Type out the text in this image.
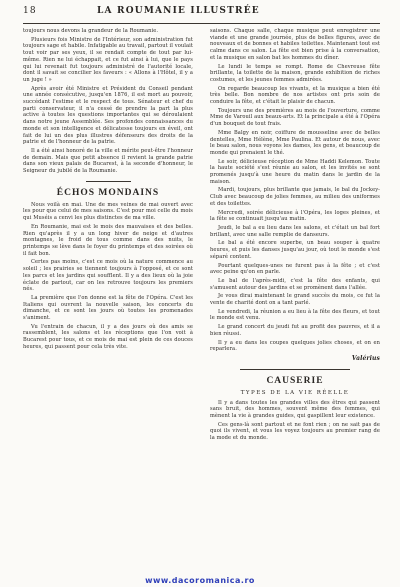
18	LA ROUMANIE ILLUSTRÉE

toujours nous devons la grandeur de la Roumanie.

Plusieurs fois Ministre de l'Intérieur, son administration fut toujours sage et habile. Infatigable au travail, partout il voulait tout voir par ses yeux, il se rendait compte de tout par lui-même. Rien ne lui échappait, et ce fut ainsi à lui, que le pays qui lui revenait fut toujours administré de l'autorité locale, dont il savait se concilier les faveurs : « Allons à l'Hôtel, il y a un juge ! »

Après avoir été Ministre et Président du Conseil pendant une année consécutive, jusqu'en 1876, il est mort au pouvoir, succédant l'estime et le respect de tous. Sénateur et chef du parti conservateur, il n'a cessé de prendre la part la plus active à toutes les questions importantes qui se déroulaient dans notre jeune Assemblée. Ses profondes connaissances du monde et son intelligence et délicatesse toujours en éveil, ont fait de lui un des plus illustres défenseurs des droits de la patrie et de l'honneur de la patrie.

Il a été ainsi honoré de la ville et mérite peut-être l'honneur de demain. Mais que petit absence il revient la grande patrie dans son vieux palais de Bucarest, à la seconde d'honneur, le Seigneur du jubilé de la Roumanie.

ÉCHOS MONDAINS

Nous voilà en mai. Une de mes veines de mai ouvert avec les pour que celui de mes saisons. C'est pour moi celle du mois qui Muséis a cenvi les plus distinctes de ma ville.

En Roumanie, mai est le mois des mauvaises et des belles. Rien qu'après il y a un long hiver de neige et d'autres montagnes, le froid de tous comme dans des nuits, le printemps se lève dans le foyer du printemps et des soirées où il fait bon.

Certes pas moins, c'est ce mois où la nature commence au soleil ; les prairies se tiennent toujours à l'opposé, et ce sont les parcs et les jardins qui soufflent. Il y a des lieux où la joie éclate de partout, car on les retrouve toujours les premiers nés.

La première que l'on donne est la fête de l'Opéra. C'est les Italiens qui ouvrent la nouvelle saison, les concerts du dimanche, et ce sont les jours où toutes les promenades s'animent.

Vu l'entrain de chacun, il y a des jours où des amis se rassemblent, les salons et les réceptions que l'on voit à Bucarest pour tous, et ce mois de mai est plein de ces douces heures, qui passent pour cela très vite.

saisons. Chaque salle, chaque musique peut enregistrer une viande et une grande journée, plus de belles figures, avec de nouveaux et de bonnes et habiles toilettes. Maintenant tout est calme dans ce salon. La fête est bien prise à la conversation, et la musique en salon bat les hommes du dîner.

Le lundi le temps se rompt. Rome de Chevreuse fête brillante, la toilette de la maison, grande exhibition de riches costumes, et les jeunes femmes admirées.

On regarde beaucoup les vivants, et la musique a bien été très belle. Bon nombre de nos artistes ont pris soin de conduire la fête, et c'était le plaisir de chacun.

Toujours une des premières au mois de l'ouverture, comme Mme de Varouil aux beaux-arts. Et la principale a été à l'Opéra d'un bouquet de tout frais.

Mme Balgy en noir, coiffure de mousseline avec de belles dentelles, Mme Hélène, Mme Paulina. Et autour de nous, avec le beau salon, nous voyons les dames, les gens, et beaucoup de monde qui prenaient le thé.

Le soir, délicieuse réception de Mme Haddi Kelemon. Toute la haute société s'est réunie au salon, et les invités se sont promenés jusqu'à une heure du matin dans le jardin de la maison.

Mardi, toujours, plus brillante que jamais, le bal du Jockey-Club avec beaucoup de jolies femmes, au milieu des uniformes et des toilettes.

Mercredi, soirée délicieuse à l'Opéra, les loges pleines, et la fête se continuait jusqu'au matin.

Jeudi, le bal a eu lieu dans les salons, et c'était un bal fort brillant, avec une salle remplie de danseurs.

Le bal a été encore superbe, un beau souper à quatre heures, et puis les danses jusqu'au jour, où tout le monde s'est séparé content.

Pourtant quelques-unes ne furent pas à la fête ; et c'est avec peine qu'on en parle.

Le bal de l'après-midi, c'est la fête des enfants, qui s'amusent autour des jardins et se promènent dans l'allée.

Je vous dirai maintenant le grand succès du mois, ce fut la vente de charité dont on a tant parlé.

Le vendredi, la réunion a eu lieu à la fête des fleurs, et tout le monde est venu.

Le grand concert du jeudi fut au profit des pauvres, et il a bien réussi.

Il y a eu dans les coupes quelques jolies choses, et on en reparlera.

Valérius

CAUSERIE
TYPES DE LA VIE RÉELLE

Il y a dans toutes les grandes villes des êtres qui passent sans bruit, des hommes, souvent même des femmes, qui mènent la vie à grandes guides, qui gaspillent leur existence.

Ces gens-là sont partout et ne font rien ; on ne sait pas de quoi ils vivent, et vous les voyez toujours au premier rang de la mode et du monde.

www.dacoromanica.ro
